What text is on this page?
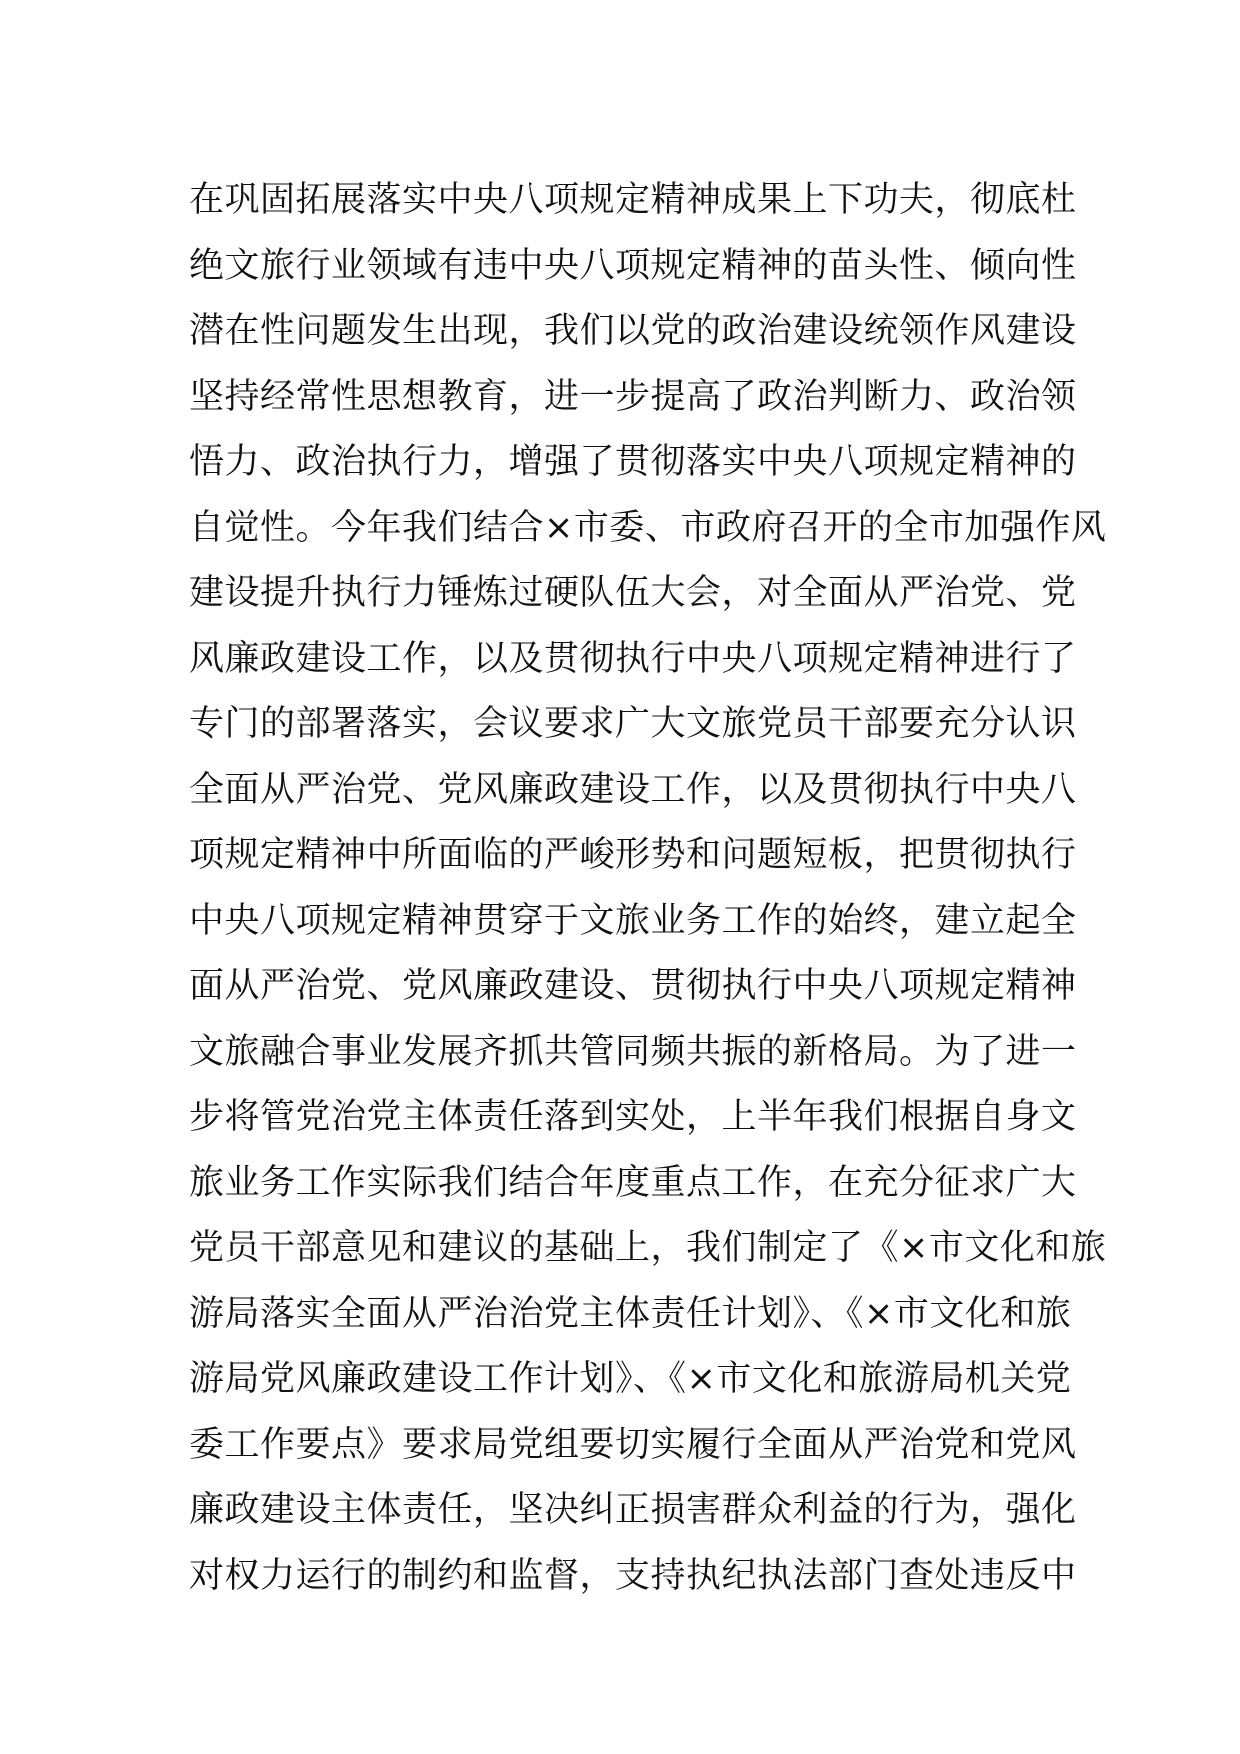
在巩固拓展落实中央八项规定精神成果上下功夫，彻底杜
绝文旅行业领域有违中央八项规定精神的苗头性、倾向性
潜在性问题发生出现，我们以党的政治建设统领作风建设
坚持经常性思想教育，进一步提高了政治判断力、政治领
悟力、政治执行力，增强了贯彻落实中央八项规定精神的
自觉性。今年我们结合×市委、市政府召开的全市加强作风
建设提升执行力锤炼过硬队伍大会，对全面从严治党、党
风廉政建设工作，以及贯彻执行中央八项规定精神进行了
专门的部署落实，会议要求广大文旅党员干部要充分认识
全面从严治党、党风廉政建设工作，以及贯彻执行中央八
项规定精神中所面临的严峻形势和问题短板，把贯彻执行
中央八项规定精神贯穿于文旅业务工作的始终，建立起全
面从严治党、党风廉政建设、贯彻执行中央八项规定精神
文旅融合事业发展齐抓共管同频共振的新格局。为了进一
步将管党治党主体责任落到实处，上半年我们根据自身文
旅业务工作实际我们结合年度重点工作，在充分征求广大
党员干部意见和建议的基础上，我们制定了《×市文化和旅
游局落实全面从严治治党主体责任计划》、《×市文化和旅
游局党风廉政建设工作计划》、《×市文化和旅游局机关党
委工作要点》要求局党组要切实履行全面从严治党和党风
廉政建设主体责任，坚决纠正损害群众利益的行为，强化
对权力运行的制约和监督，支持执纪执法部门查处违反中
